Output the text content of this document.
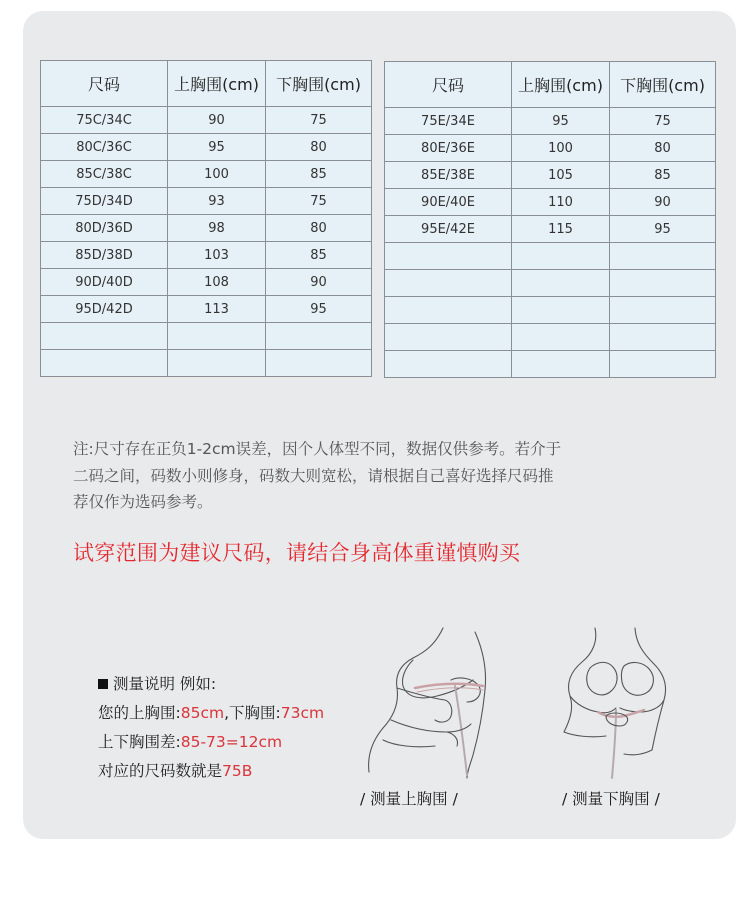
尺码	上胸围(cm)	下胸围(cm)
75C/34C	90	75
80C/36C	95	80
85C/38C	100	85
75D/34D	93	75
80D/36D	98	80
85D/38D	103	85
90D/40D	108	90
95D/42D	113	95

尺码	上胸围(cm)	下胸围(cm)
75E/34E	95	75
80E/36E	100	80
85E/38E	105	85
90E/40E	110	90
95E/42E	115	95

注:尺寸存在正负1-2cm误差，因个人体型不同，数据仅供参考。若介于
二码之间，码数小则修身，码数大则宽松，请根据自己喜好选择尺码推
荐仅作为选码参考。
试穿范围为建议尺码，请结合身高体重谨慎购买
测量说明 例如:
您的上胸围:85cm,下胸围:73cm
上下胸围差:85-73=12cm
对应的尺码数就是75B
/ 测量上胸围 /	/ 测量下胸围 /
